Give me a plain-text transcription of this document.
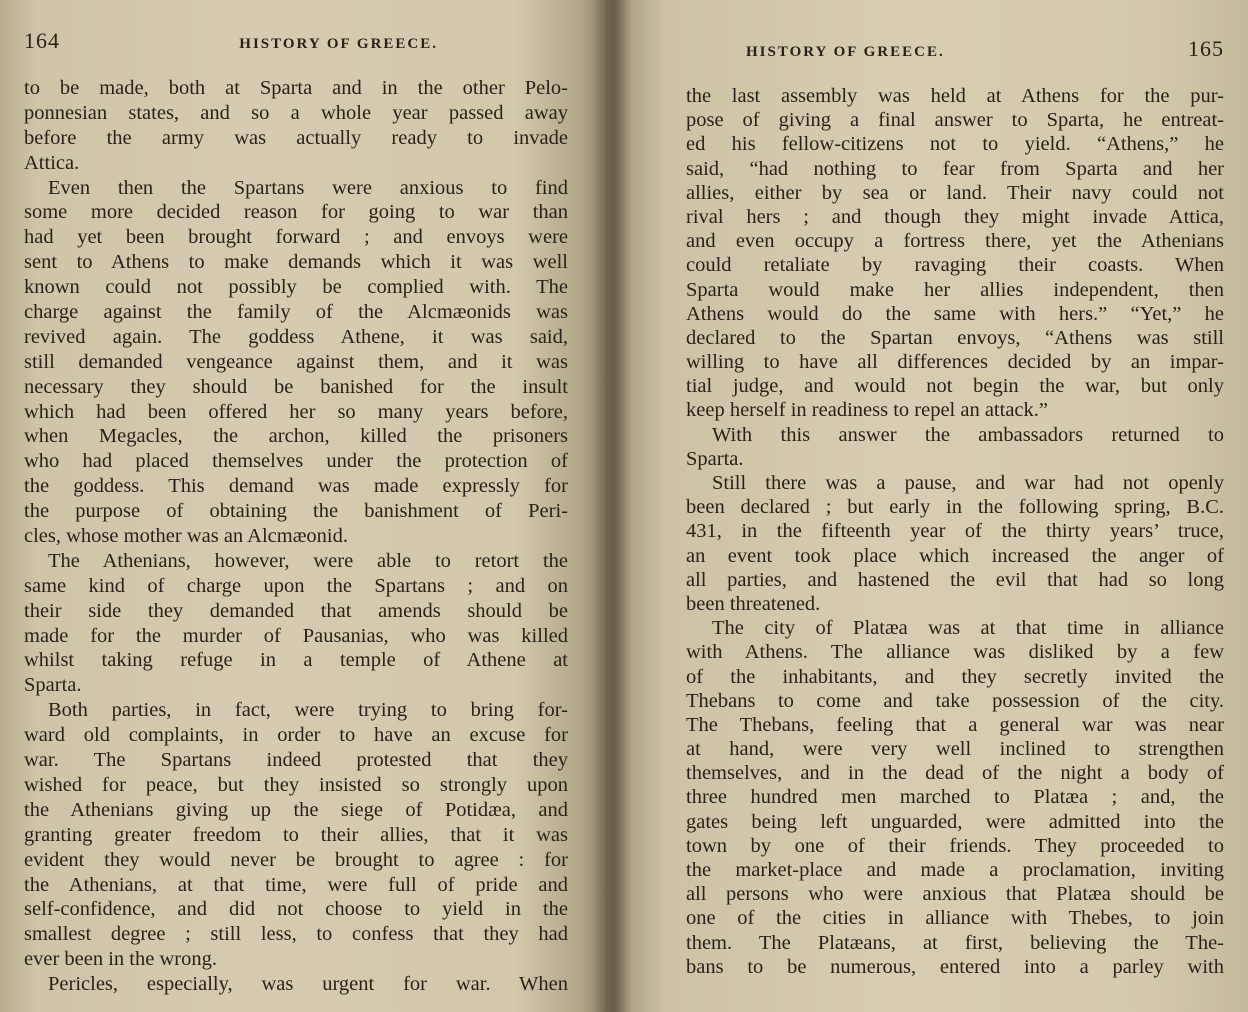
164	HISTORY OF GREECE.
to be made, both at Sparta and in the other Pelo-
ponnesian states, and so a whole year passed away
before the army was actually ready to invade
Attica.
Even then the Spartans were anxious to find
some more decided reason for going to war than
had yet been brought forward ; and envoys were
sent to Athens to make demands which it was well
known could not possibly be complied with. The
charge against the family of the Alcmæonids was
revived again. The goddess Athene, it was said,
still demanded vengeance against them, and it was
necessary they should be banished for the insult
which had been offered her so many years before,
when Megacles, the archon, killed the prisoners
who had placed themselves under the protection of
the goddess. This demand was made expressly for
the purpose of obtaining the banishment of Peri-
cles, whose mother was an Alcmæonid.
The Athenians, however, were able to retort the
same kind of charge upon the Spartans ; and on
their side they demanded that amends should be
made for the murder of Pausanias, who was killed
whilst taking refuge in a temple of Athene at
Sparta.
Both parties, in fact, were trying to bring for-
ward old complaints, in order to have an excuse for
war. The Spartans indeed protested that they
wished for peace, but they insisted so strongly upon
the Athenians giving up the siege of Potidæa, and
granting greater freedom to their allies, that it was
evident they would never be brought to agree : for
the Athenians, at that time, were full of pride and
self-confidence, and did not choose to yield in the
smallest degree ; still less, to confess that they had
ever been in the wrong.
Pericles, especially, was urgent for war. When
HISTORY OF GREECE.	165
the last assembly was held at Athens for the pur-
pose of giving a final answer to Sparta, he entreat-
ed his fellow-citizens not to yield. “Athens,” he
said, “had nothing to fear from Sparta and her
allies, either by sea or land. Their navy could not
rival hers ; and though they might invade Attica,
and even occupy a fortress there, yet the Athenians
could retaliate by ravaging their coasts. When
Sparta would make her allies independent, then
Athens would do the same with hers.” “Yet,” he
declared to the Spartan envoys, “Athens was still
willing to have all differences decided by an impar-
tial judge, and would not begin the war, but only
keep herself in readiness to repel an attack.”
With this answer the ambassadors returned to
Sparta.
Still there was a pause, and war had not openly
been declared ; but early in the following spring, B.C.
431, in the fifteenth year of the thirty years’ truce,
an event took place which increased the anger of
all parties, and hastened the evil that had so long
been threatened.
The city of Platæa was at that time in alliance
with Athens. The alliance was disliked by a few
of the inhabitants, and they secretly invited the
Thebans to come and take possession of the city.
The Thebans, feeling that a general war was near
at hand, were very well inclined to strengthen
themselves, and in the dead of the night a body of
three hundred men marched to Platæa ; and, the
gates being left unguarded, were admitted into the
town by one of their friends. They proceeded to
the market-place and made a proclamation, inviting
all persons who were anxious that Platæa should be
one of the cities in alliance with Thebes, to join
them. The Platæans, at first, believing the The-
bans to be numerous, entered into a parley with
